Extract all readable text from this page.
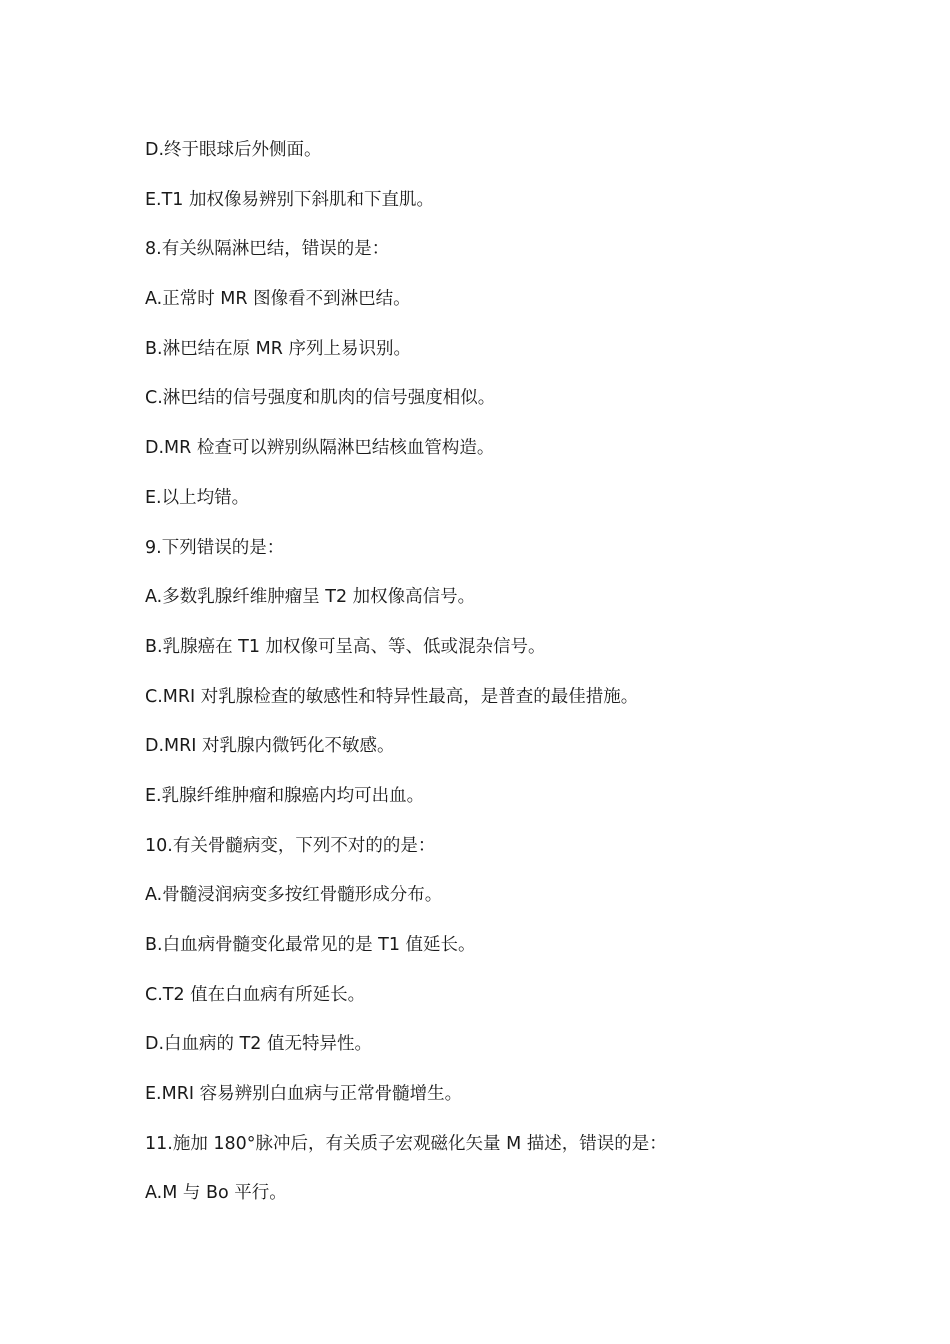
D.终于眼球后外侧面。
E.T1 加权像易辨别下斜肌和下直肌。
8.有关纵隔淋巴结，错误的是：
A.正常时 MR 图像看不到淋巴结。
B.淋巴结在原 MR 序列上易识别。
C.淋巴结的信号强度和肌肉的信号强度相似。
D.MR 检查可以辨别纵隔淋巴结核血管构造。
E.以上均错。
9.下列错误的是：
A.多数乳腺纤维肿瘤呈 T2 加权像高信号。
B.乳腺癌在 T1 加权像可呈高、等、低或混杂信号。
C.MRI 对乳腺检查的敏感性和特异性最高，是普查的最佳措施。
D.MRI 对乳腺内微钙化不敏感。
E.乳腺纤维肿瘤和腺癌内均可出血。
10.有关骨髓病变，下列不对的的是：
A.骨髓浸润病变多按红骨髓形成分布。
B.白血病骨髓变化最常见的是 T1 值延长。
C.T2 值在白血病有所延长。
D.白血病的 T2 值无特异性。
E.MRI 容易辨别白血病与正常骨髓增生。
11.施加 180°脉冲后，有关质子宏观磁化矢量 M 描述，错误的是：
A.M 与 Bo 平行。
